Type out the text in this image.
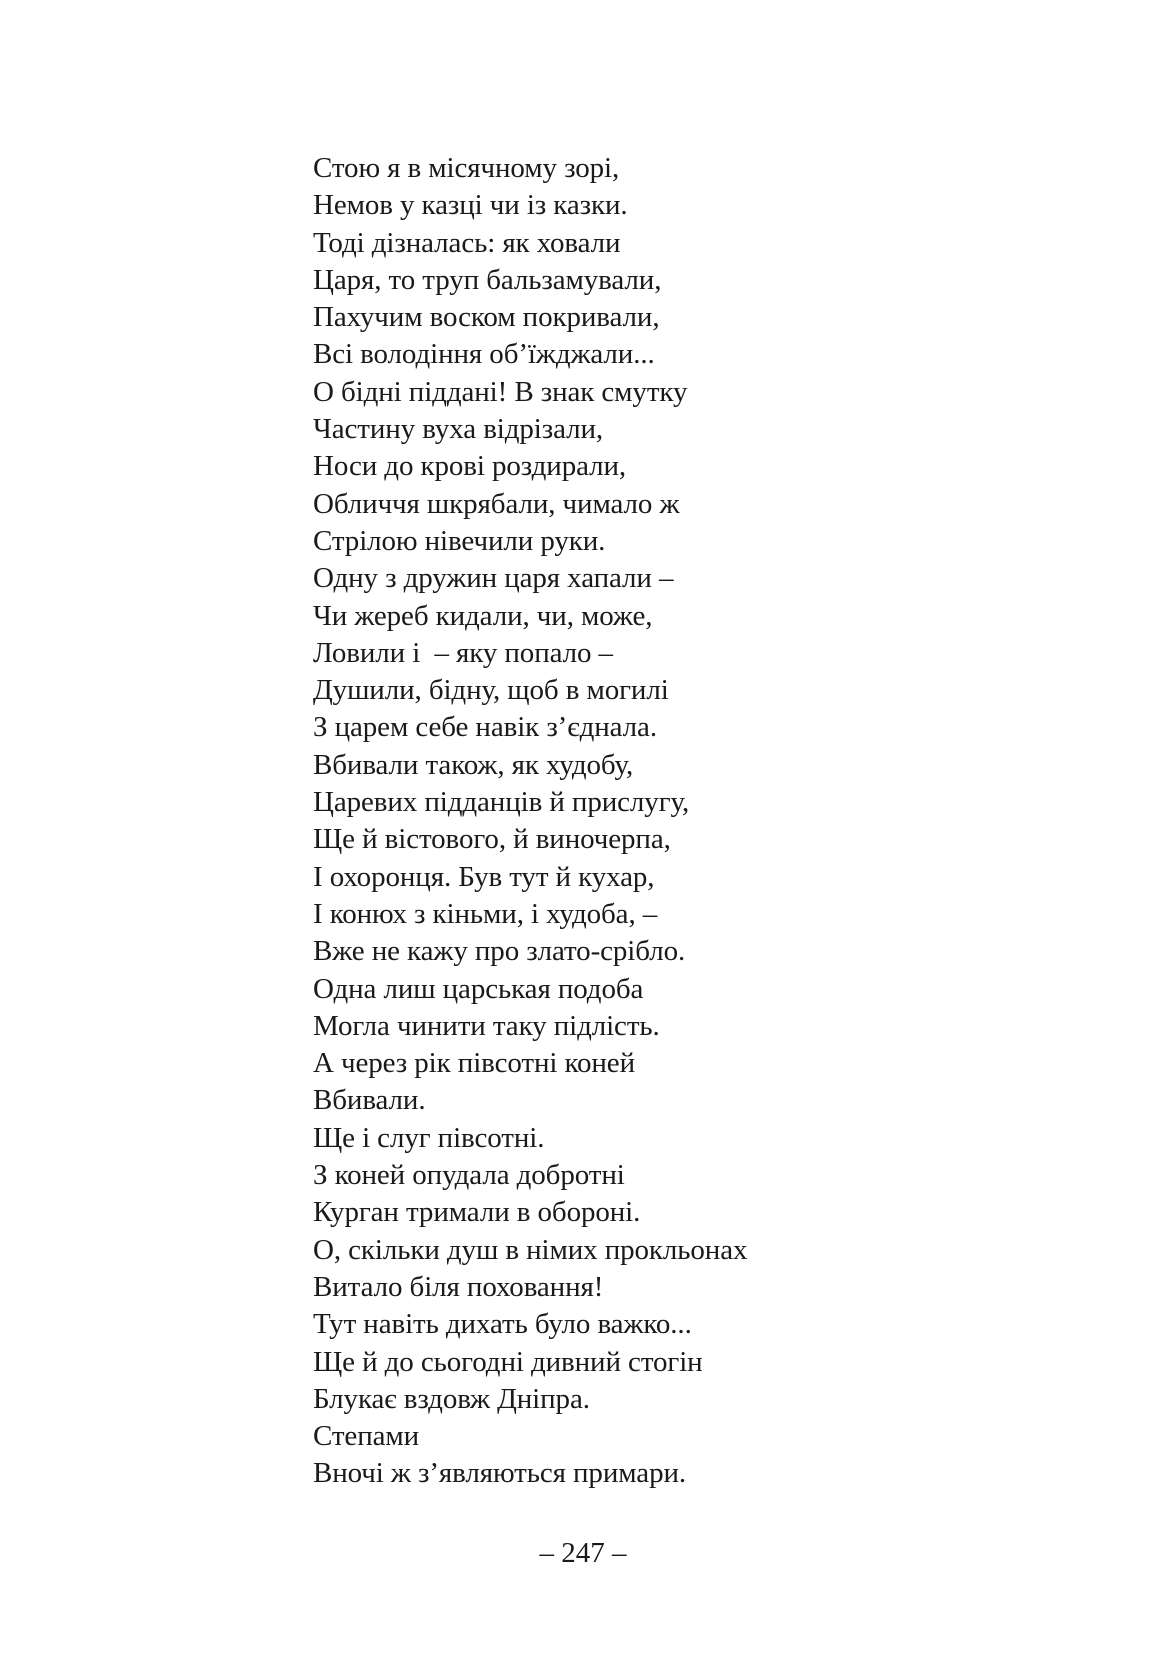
Стою я в місячному зорі,
Немов у казці чи із казки.
Тоді дізналась: як ховали
Царя, то труп бальзамували,
Пахучим воском покривали,
Всі володіння об’їжджали...
О бідні піддані! В знак смутку
Частину вуха відрізали,
Носи до крові роздирали,
Обличчя шкрябали, чимало ж
Стрілою нівечили руки.
Одну з дружин царя хапали –
Чи жереб кидали, чи, може,
Ловили і  – яку попало –
Душили, бідну, щоб в могилі
З царем себе навік з’єднала.
Вбивали також, як худобу,
Царевих підданців й прислугу,
Ще й вістового, й виночерпа,
І охоронця. Був тут й кухар,
І конюх з кіньми, і худоба, –
Вже не кажу про злато-срібло.
Одна лиш царськая подоба
Могла чинити таку підлість.
А через рік півсотні коней
Вбивали.
Ще і слуг півсотні.
З коней опудала добротні
Курган тримали в обороні.
О, скільки душ в німих прокльонах
Витало біля поховання!
Тут навіть дихать було важко...
Ще й до сьогодні дивний стогін
Блукає вздовж Дніпра.
Степами
Вночі ж з’являються примари.
– 247 –
